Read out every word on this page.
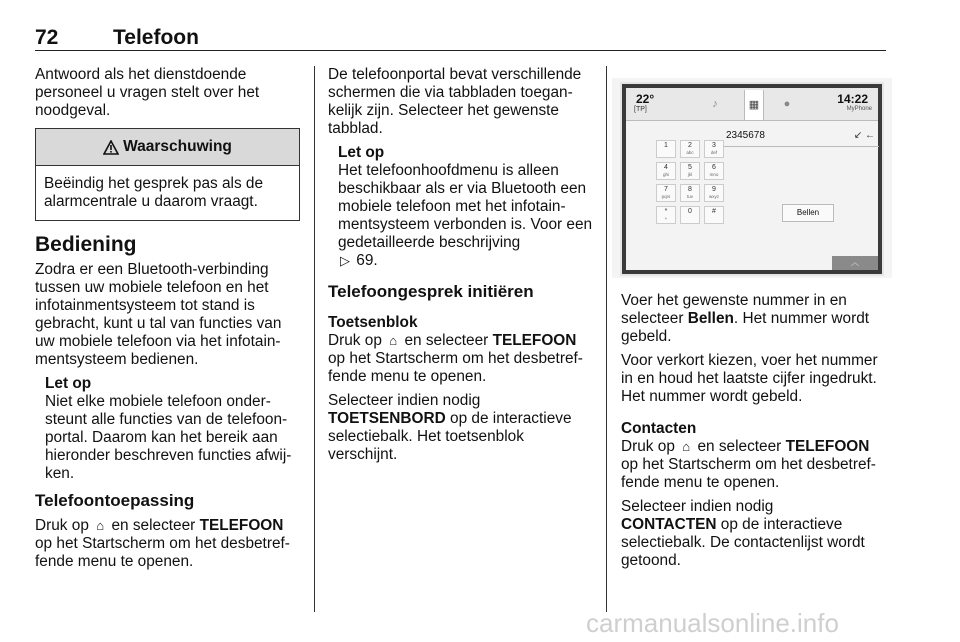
72	Telefoon

Antwoord als het dienstdoende personeel u vragen stelt over het noodgeval.

Waarschuwing
Beëindig het gesprek pas als de alarmcentrale u daarom vraagt.
Bediening

Zodra er een Bluetooth-verbinding tussen uw mobiele telefoon en het infotainmentsysteem tot stand is gebracht, kunt u tal van functies van uw mobiele telefoon via het infotain-mentsysteem bedienen.

Let op
Niet elke mobiele telefoon onder-steunt alle functies van de telefoon-portal. Daarom kan het bereik aan hieronder beschreven functies afwij-ken.
Telefoontoepassing

Druk op ⌂ en selecteer TELEFOON op het Startscherm om het desbetref-fende menu te openen.

De telefoonportal bevat verschillende schermen die via tabbladen toegan-kelijk zijn. Selecteer het gewenste tabblad.

Let op
Het telefoonhoofdmenu is alleen beschikbaar als er via Bluetooth een mobiele telefoon met het infotain-mentsysteem verbonden is. Voor een gedetailleerde beschrijving
▷ 69.
Telefoongesprek initiëren

Toetsenblok

Druk op ⌂ en selecteer TELEFOON op het Startscherm om het desbetref-fende menu te openen.

Selecteer indien nodig
TOETSENBORD op de interactieve selectiebalk. Het toetsenblok verschijnt.

22°
[TP]	♪	▦	●	14:22
MyPhone
2345678	↙ ←
1	2
abc
3
def
4
ghi
5
jkl
6
mno
7
pqrs
8
tuv
9
wxyz
*
+
0	#	Bellen
︿

Voer het gewenste nummer in en selecteer Bellen. Het nummer wordt gebeld.

Voor verkort kiezen, voer het nummer in en houd het laatste cijfer ingedrukt. Het nummer wordt gebeld.

Contacten

Druk op ⌂ en selecteer TELEFOON op het Startscherm om het desbetref-fende menu te openen.

Selecteer indien nodig
CONTACTEN op de interactieve selectiebalk. De contactenlijst wordt getoond.

carmanualsonline.info
